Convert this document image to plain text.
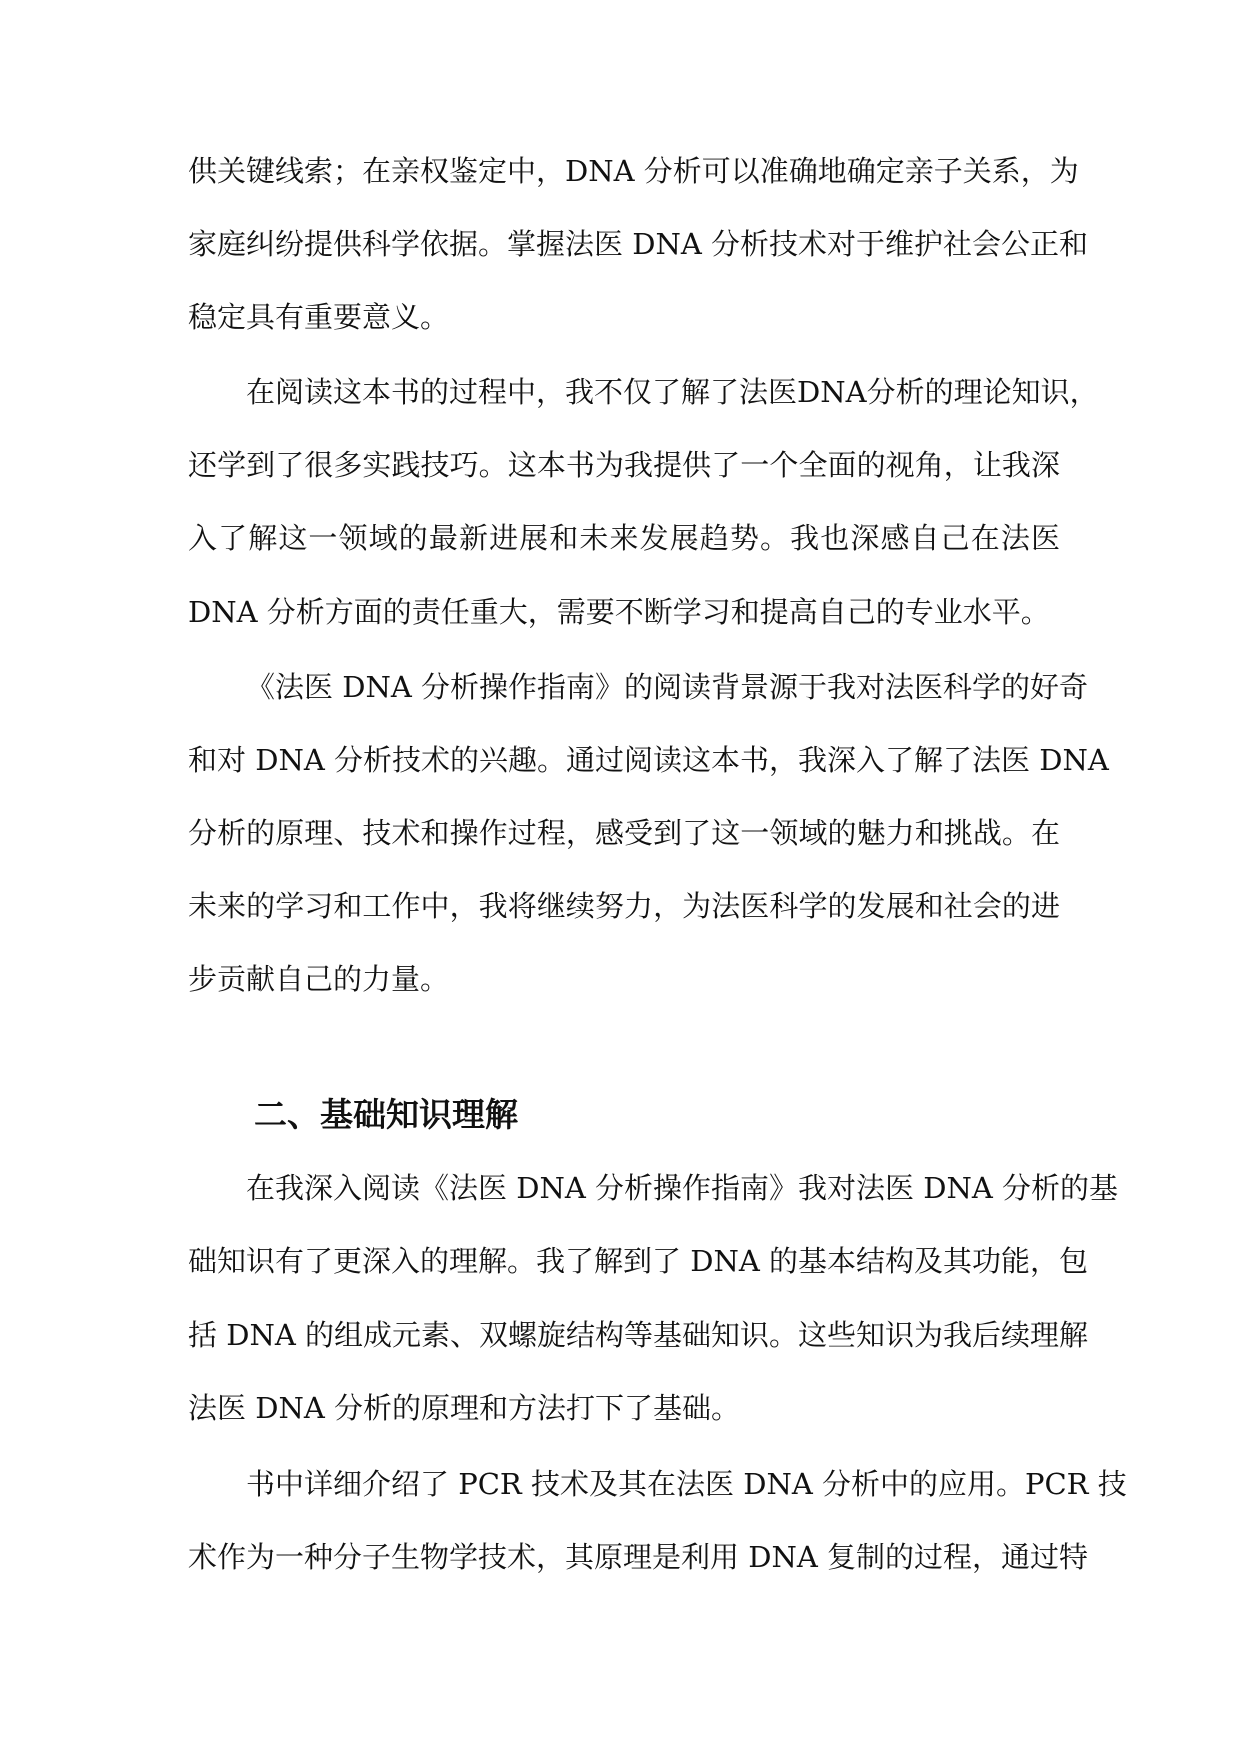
供关键线索；在亲权鉴定中，DNA 分析可以准确地确定亲子关系，为
家庭纠纷提供科学依据。掌握法医 DNA 分析技术对于维护社会公正和
稳定具有重要意义。
在阅读这本书的过程中，我不仅了解了法医DNA分析的理论知识，
还学到了很多实践技巧。这本书为我提供了一个全面的视角，让我深
入了解这一领域的最新进展和未来发展趋势。我也深感自己在法医
DNA 分析方面的责任重大，需要不断学习和提高自己的专业水平。
《法医 DNA 分析操作指南》的阅读背景源于我对法医科学的好奇
和对 DNA 分析技术的兴趣。通过阅读这本书，我深入了解了法医 DNA
分析的原理、技术和操作过程，感受到了这一领域的魅力和挑战。在
未来的学习和工作中，我将继续努力，为法医科学的发展和社会的进
步贡献自己的力量。
二、基础知识理解
在我深入阅读《法医 DNA 分析操作指南》我对法医 DNA 分析的基
础知识有了更深入的理解。我了解到了 DNA 的基本结构及其功能，包
括 DNA 的组成元素、双螺旋结构等基础知识。这些知识为我后续理解
法医 DNA 分析的原理和方法打下了基础。
书中详细介绍了 PCR 技术及其在法医 DNA 分析中的应用。PCR 技
术作为一种分子生物学技术，其原理是利用 DNA 复制的过程，通过特
